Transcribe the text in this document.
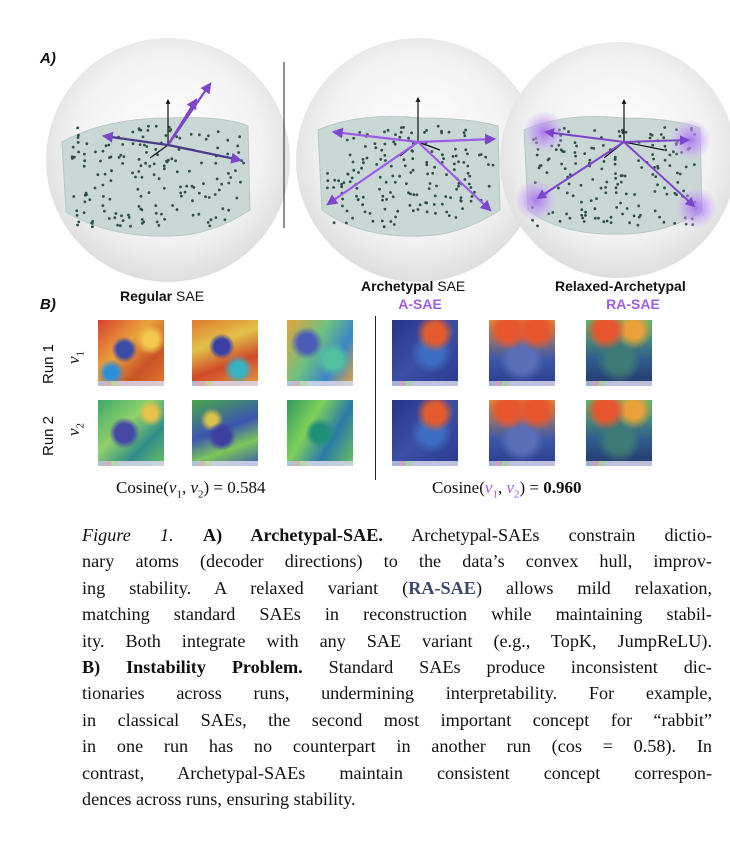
A)
B)	Regular SAE
Archetypal SAE
A-SAE
Relaxed-Archetypal
RA-SAE
Run 1 $v_1$
Run 2 $v_2$
$Cosine(v_1$, $v_2) = 0.584$	$Cosine(v_1$, $v_2) = 0.960$
Figure 1. A) Archetypal-SAE. Archetypal-SAEs constrain dictio-
nary atoms (decoder directions) to the data’s convex hull, improv-
ing stability. A relaxed variant (RA-SAE) allows mild relaxation,
matching standard SAEs in reconstruction while maintaining stabil-
ity. Both integrate with any SAE variant (e.g., TopK, JumpReLU).
B) Instability Problem. Standard SAEs produce inconsistent dic-
tionaries across runs, undermining interpretability. For example,
in classical SAEs, the second most important concept for “rabbit”
in one run has no counterpart in another run (cos = 0.58). In
contrast, Archetypal-SAEs maintain consistent concept correspon-
dences across runs, ensuring stability.
